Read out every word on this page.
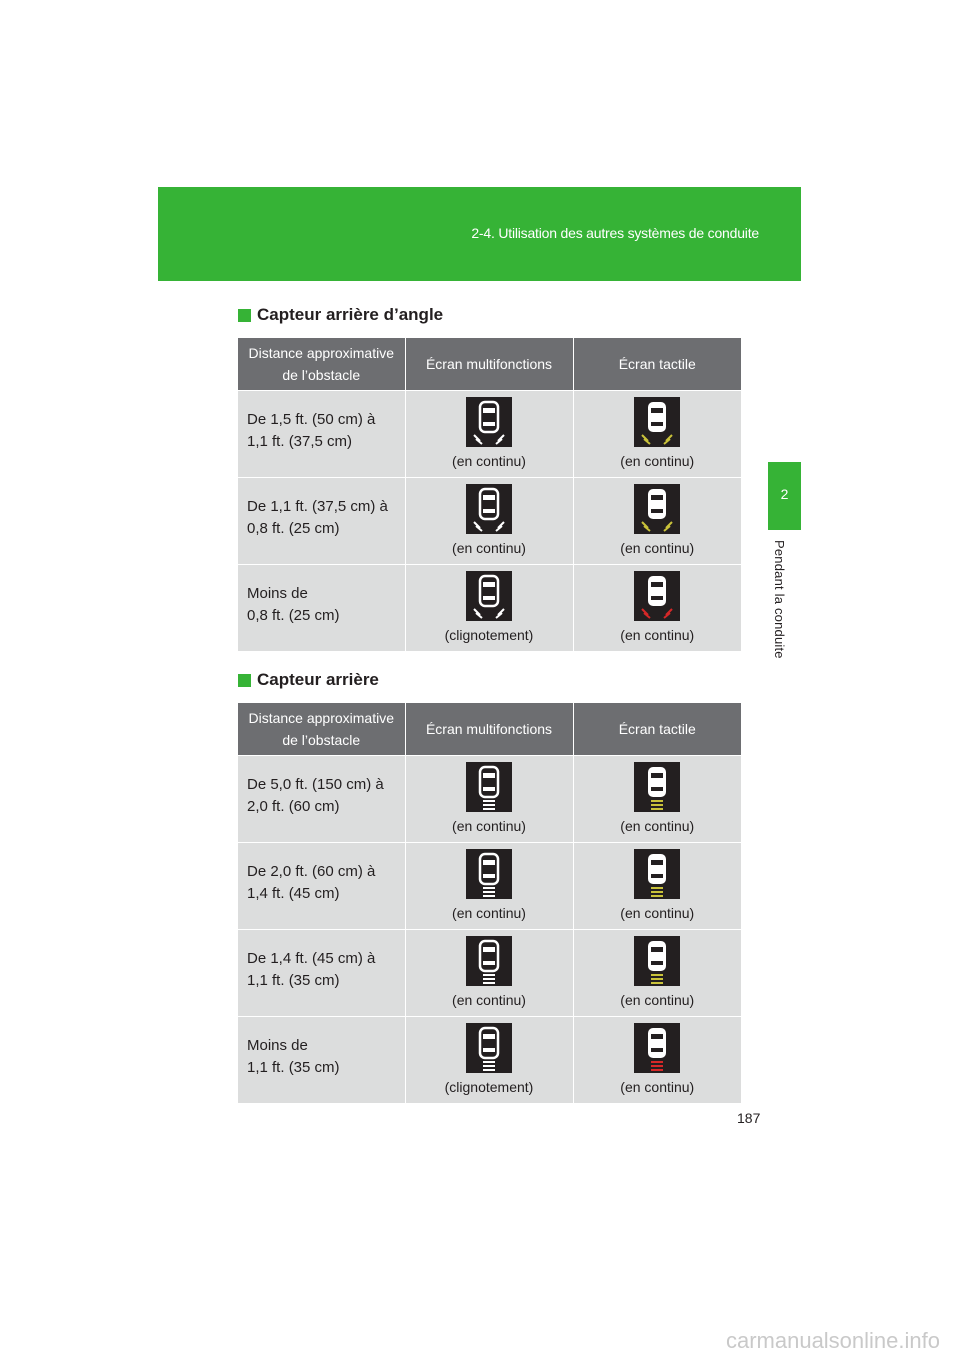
2-4. Utilisation des autres systèmes de conduite
2
Pendant la conduite
Capteur arrière d’angle
Distance approximative de l’obstacle	Écran multifonctions	Écran tactile

De 1,5 ft. (50 cm) à
1,1 ft. (37,5 cm)	(en continu)	(en continu)

De 1,1 ft. (37,5 cm) à
0,8 ft. (25 cm)	(en continu)	(en continu)

Moins de
0,8 ft. (25 cm)	(clignotement)	(en continu)
Capteur arrière
Distance approximative de l’obstacle	Écran multifonctions	Écran tactile

De 5,0 ft. (150 cm) à
2,0 ft. (60 cm)	(en continu)	(en continu)

De 2,0 ft. (60 cm) à
1,4 ft. (45 cm)	(en continu)	(en continu)

De 1,4 ft. (45 cm) à
1,1 ft. (35 cm)	(en continu)	(en continu)

Moins de
1,1 ft. (35 cm)	(clignotement)	(en continu)
187
carmanualsonline.info
